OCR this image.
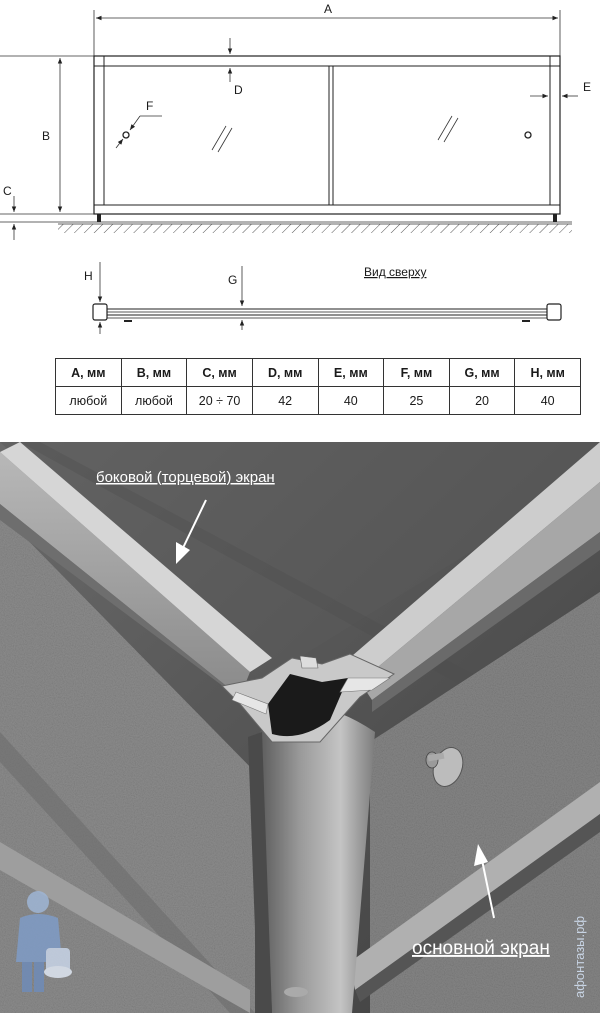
A
B
C
D	E
F
Вид сверху
G
H
A, мм	B, мм	C, мм	D, мм	E, мм	F, мм	G, мм	H, мм
любой	любой	20 ÷ 70	42	40	25	20	40
боковой (торцевой) экран
основной экран афонтазы.рф
